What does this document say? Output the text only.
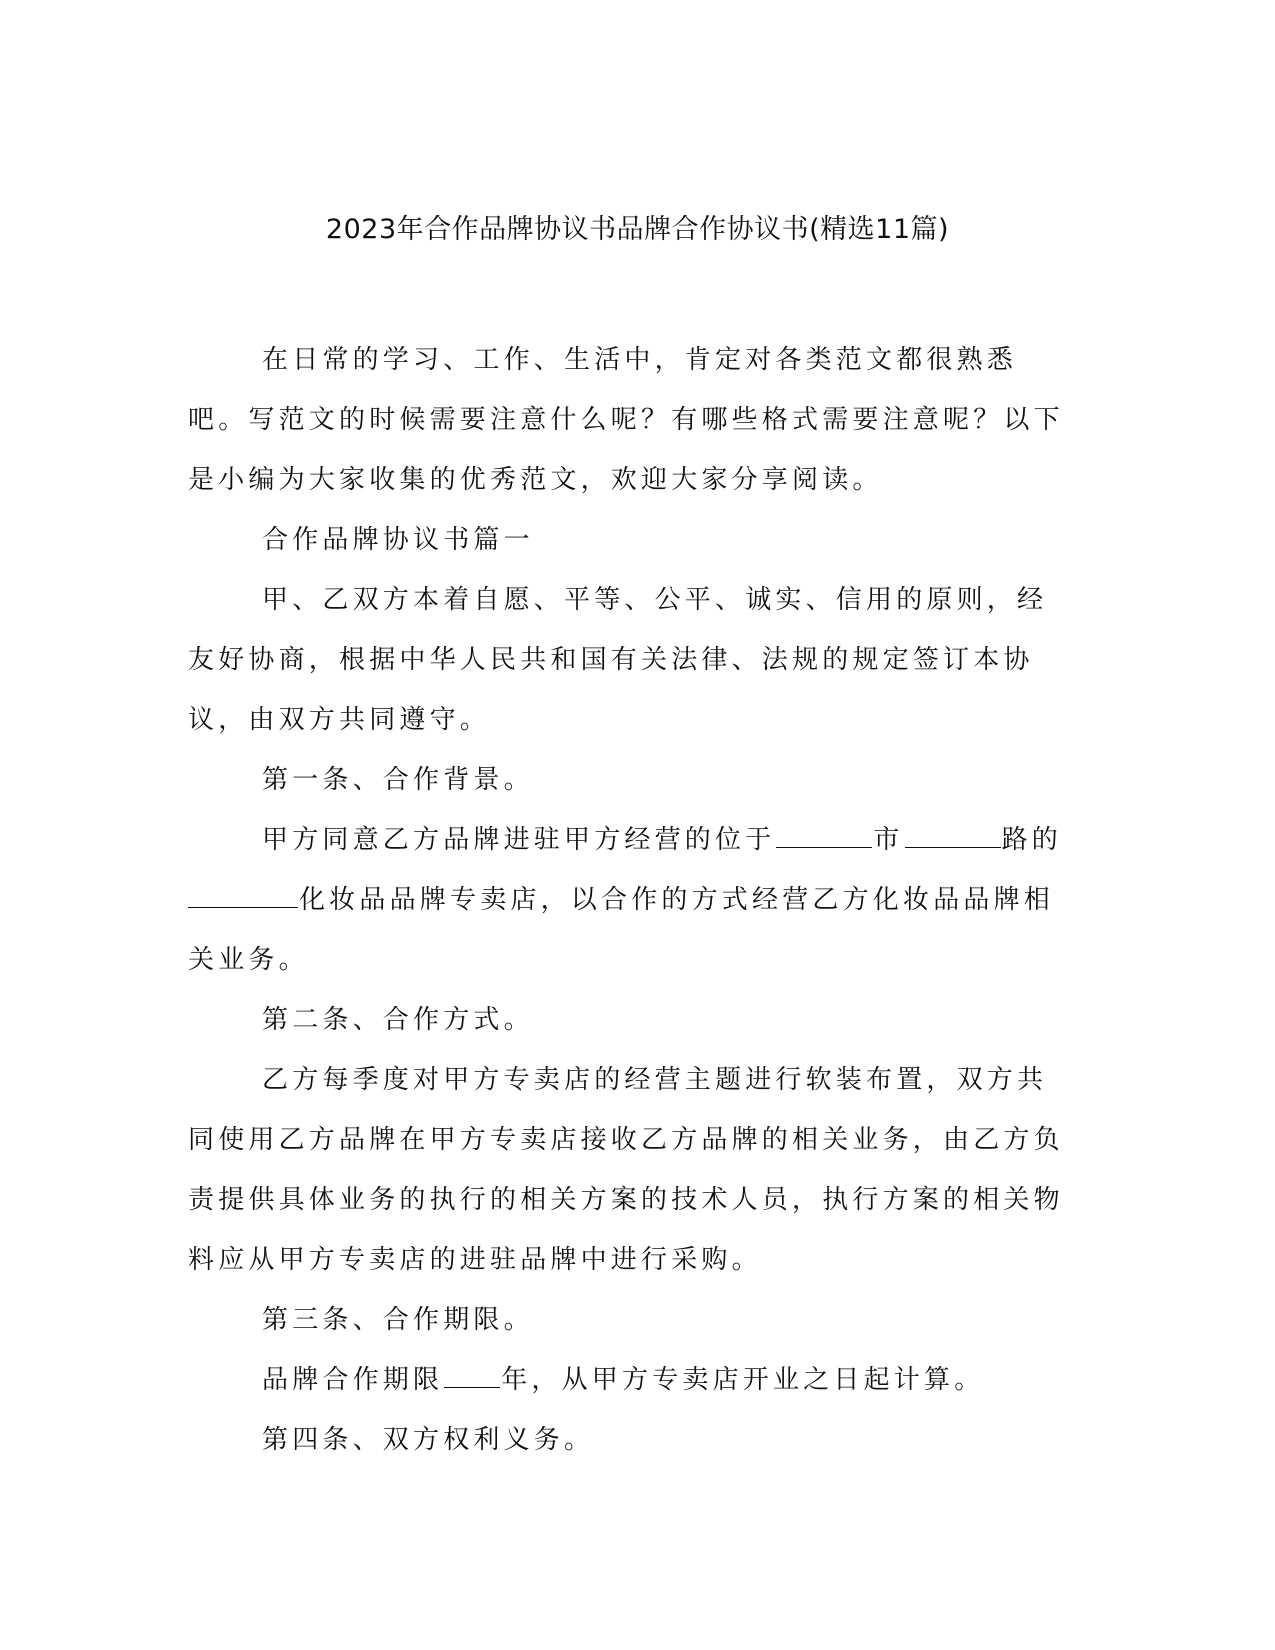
2023年合作品牌协议书品牌合作协议书(精选11篇)

在日常的学习、工作、生活中，肯定对各类范文都很熟悉吧。写范文的时候需要注意什么呢？有哪些格式需要注意呢？以下是小编为大家收集的优秀范文，欢迎大家分享阅读。

合作品牌协议书篇一

甲、乙双方本着自愿、平等、公平、诚实、信用的原则，经友好协商，根据中华人民共和国有关法律、法规的规定签订本协议，由双方共同遵守。

第一条、合作背景。

甲方同意乙方品牌进驻甲方经营的位于	市	路的化妆品品牌专卖店，以合作的方式经营乙方化妆品品牌相关业务。

第二条、合作方式。

乙方每季度对甲方专卖店的经营主题进行软装布置，双方共同使用乙方品牌在甲方专卖店接收乙方品牌的相关业务，由乙方负责提供具体业务的执行的相关方案的技术人员，执行方案的相关物料应从甲方专卖店的进驻品牌中进行采购。

第三条、合作期限。

品牌合作期限 年，从甲方专卖店开业之日起计算。

第四条、双方权利义务。
